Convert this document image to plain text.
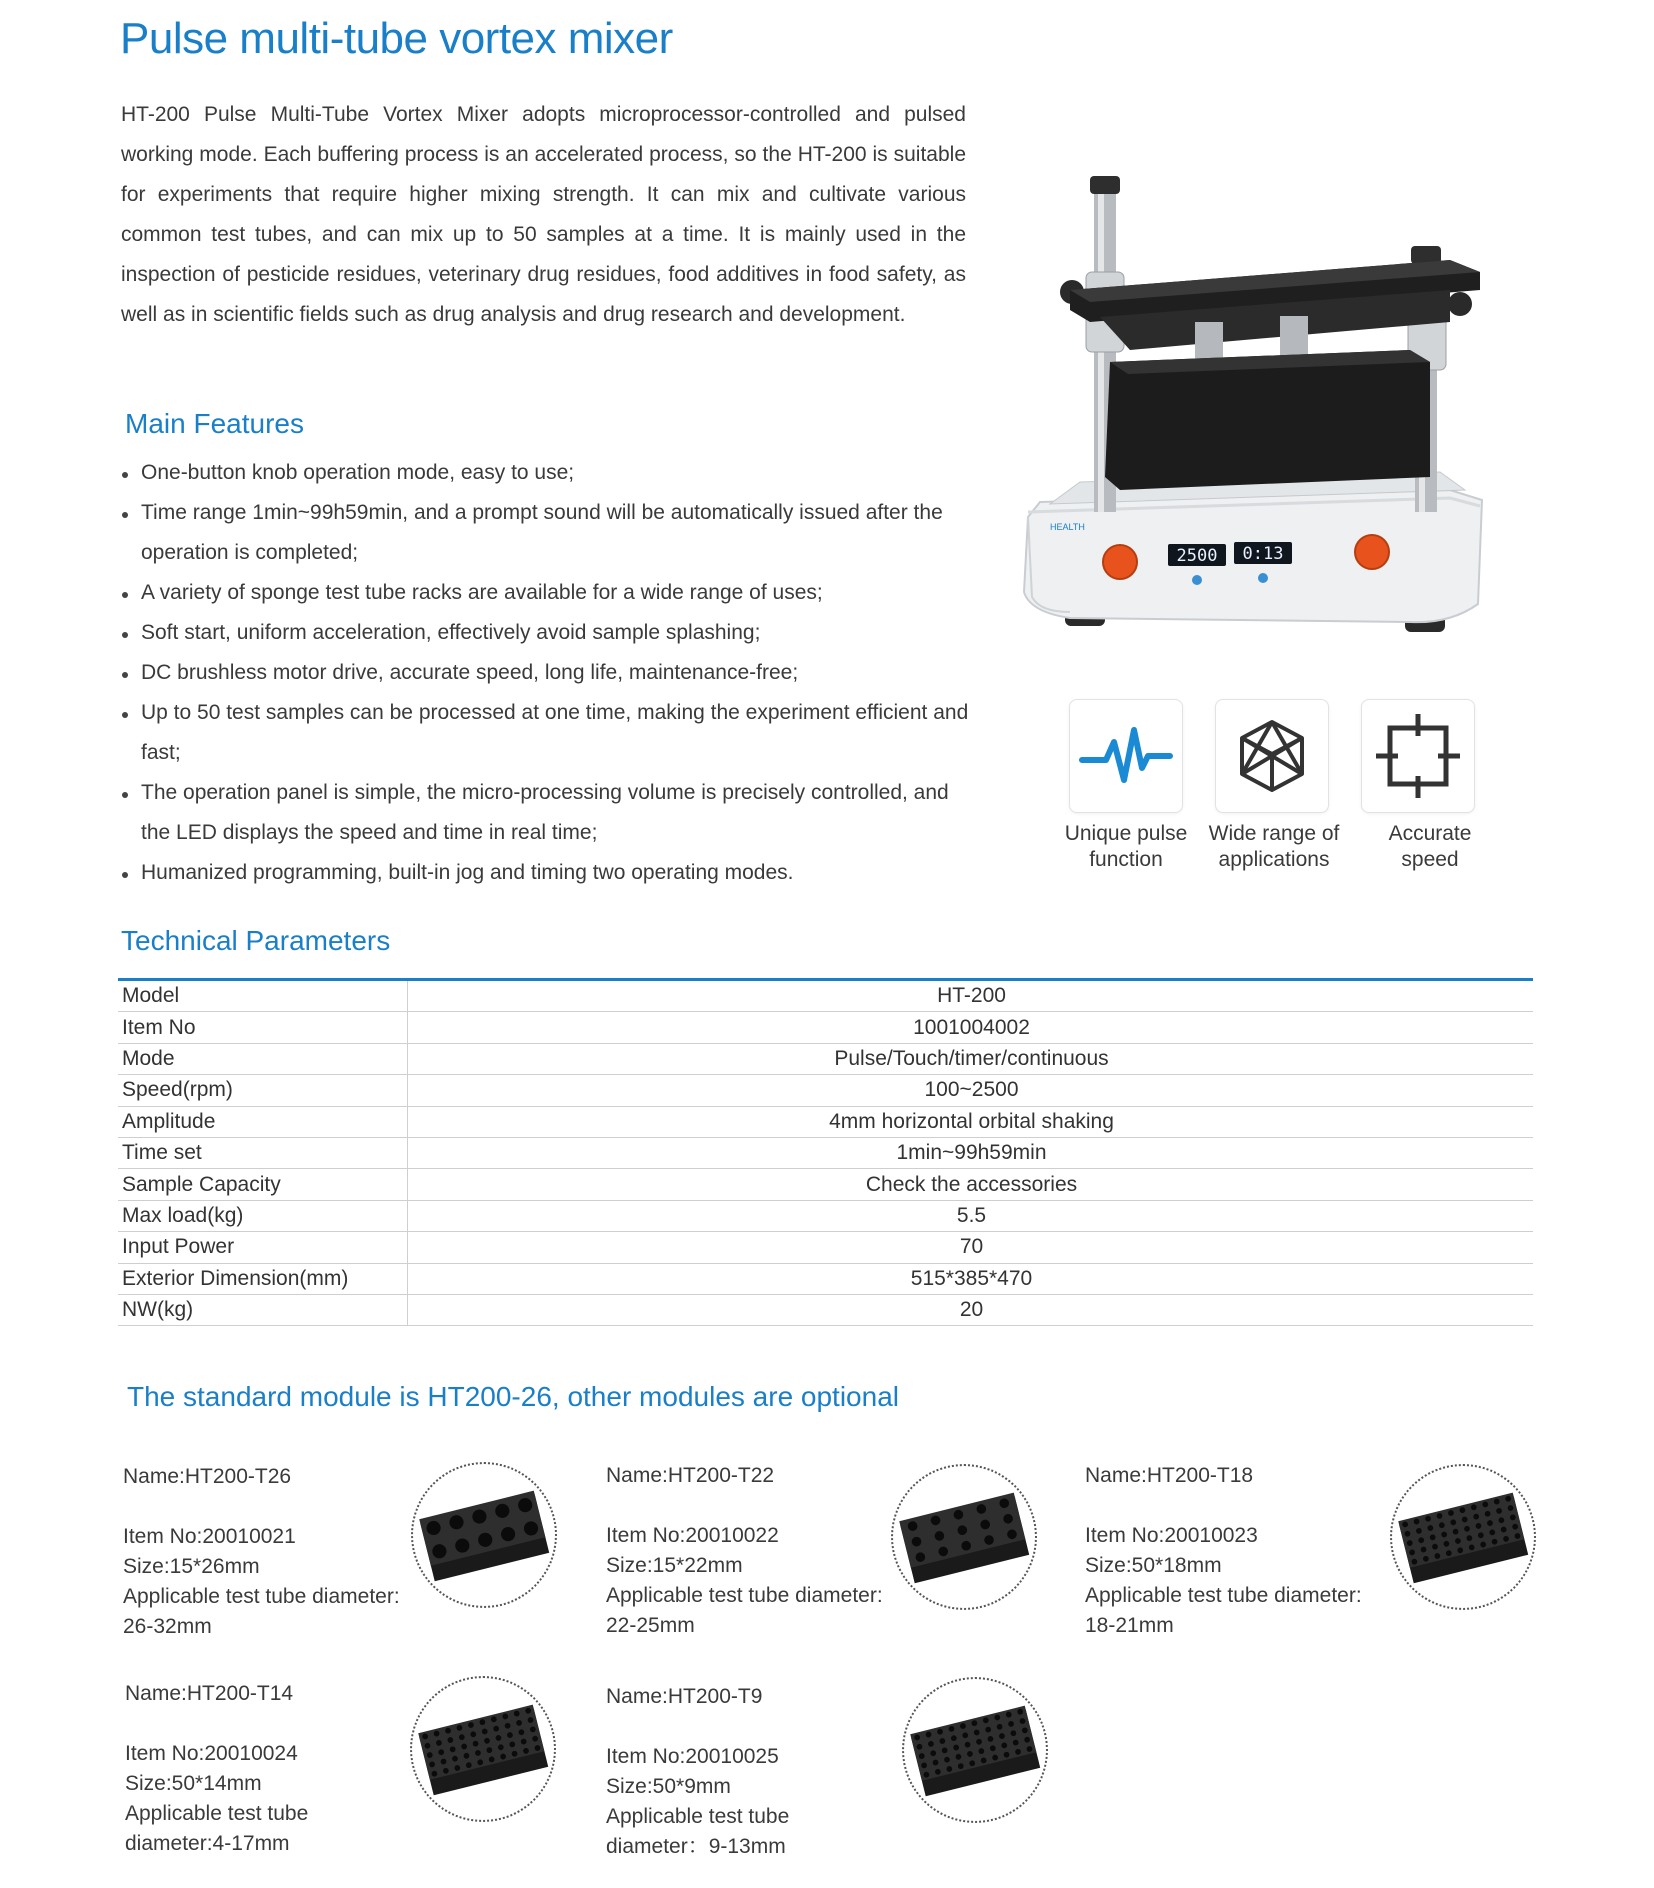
Pulse multi-tube vortex mixer
HT-200 Pulse Multi-Tube Vortex Mixer adopts microprocessor-controlled and pulsed working mode. Each buffering process is an accelerated process, so the HT-200 is suitable for experiments that require higher mixing strength. It can mix and cultivate various common test tubes, and can mix up to 50 samples at a time. It is mainly used in the inspection of pesticide residues, veterinary drug residues, food additives in food safety, as well as in scientific fields such as drug analysis and drug research and development.
Main Features
One-button knob operation mode, easy to use;
Time range 1min~99h59min, and a prompt sound will be automatically issued after the operation is completed;
A variety of sponge test tube racks are available for a wide range of uses;
Soft start, uniform acceleration, effectively avoid sample splashing;
DC brushless motor drive, accurate speed, long life, maintenance-free;
Up to 50 test samples can be processed at one time, making the experiment efficient and fast;
The operation panel is simple, the micro-processing volume is precisely controlled, and the LED displays the speed and time in real time;
Humanized programming, built-in jog and timing two operating modes.
HEALTH
2500 0:13
Unique pulse
function
Wide range of
applications
Accurate
speed
Technical Parameters
Model	HT-200
Item No	1001004002
Mode	Pulse/Touch/timer/continuous
Speed(rpm)	100~2500
Amplitude	4mm horizontal orbital shaking
Time set	1min~99h59min
Sample Capacity	Check the accessories
Max load(kg)	5.5
Input Power	70
Exterior Dimension(mm)	515*385*470
NW(kg)	20
The standard module is HT200-26, other modules are optional
Name:HT200-T26
Item No:20010021
Size:15*26mm
Applicable test tube diameter:
26-32mm
Name:HT200-T22
Item No:20010022
Size:15*22mm
Applicable test tube diameter:
22-25mm
Name:HT200-T18
Item No:20010023
Size:50*18mm
Applicable test tube diameter:
18-21mm
Name:HT200-T14
Item No:20010024
Size:50*14mm
Applicable test tube
diameter:4-17mm
Name:HT200-T9
Item No:20010025
Size:50*9mm
Applicable test tube
diameter：9-13mm
